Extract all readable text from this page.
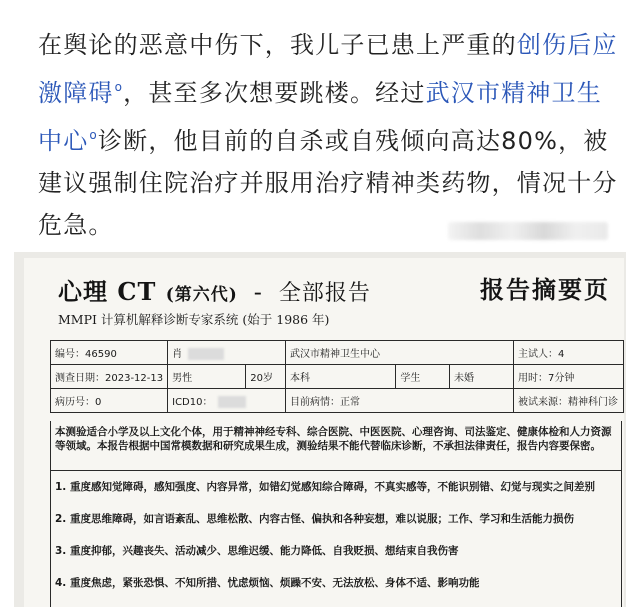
在舆论的恶意中伤下，我儿子已患上严重的创伤后应激障碍$^o$，甚至多次想要跳楼。经过武汉市精神卫生中心$^o$诊断，他目前的自杀或自残倾向高达80%，被建议强制住院治疗并服用治疗精神类药物，情况十分危急。

心理 CT (第六代) - 全部报告	报告摘要页
MMPI 计算机解释诊断专家系统 (始于 1986 年)
编号：46590	肖		武汉市精神卫生中心			主试人：4
测查日期：2023-12-13	男性	20岁	本科	学生	未婚	用时：7分钟
病历号：0	ICD10：		目前病情：正常			被试来源：精神科门诊
本测验适合小学及以上文化个体，用于精神神经专科、综合医院、中医医院、心理咨询、司法鉴定、健康体检和人力资源等领域。本报告根据中国常模数据和研究成果生成，测验结果不能代替临床诊断，不承担法律责任，报告内容要保密。
1. 重度感知觉障碍，感知强度、内容异常，如错幻觉感知综合障碍，不真实感等，不能识别错、幻觉与现实之间差别
2. 重度思维障碍，如言语紊乱、思维松散、内容古怪、偏执和各种妄想，难以说服；工作、学习和生活能力损伤
3. 重度抑郁，兴趣丧失、活动减少、思维迟缓、能力降低、自我贬损、想结束自我伤害
4. 重度焦虑，紧张恐惧、不知所措、忧虑烦恼、烦躁不安、无法放松、身体不适、影响功能
